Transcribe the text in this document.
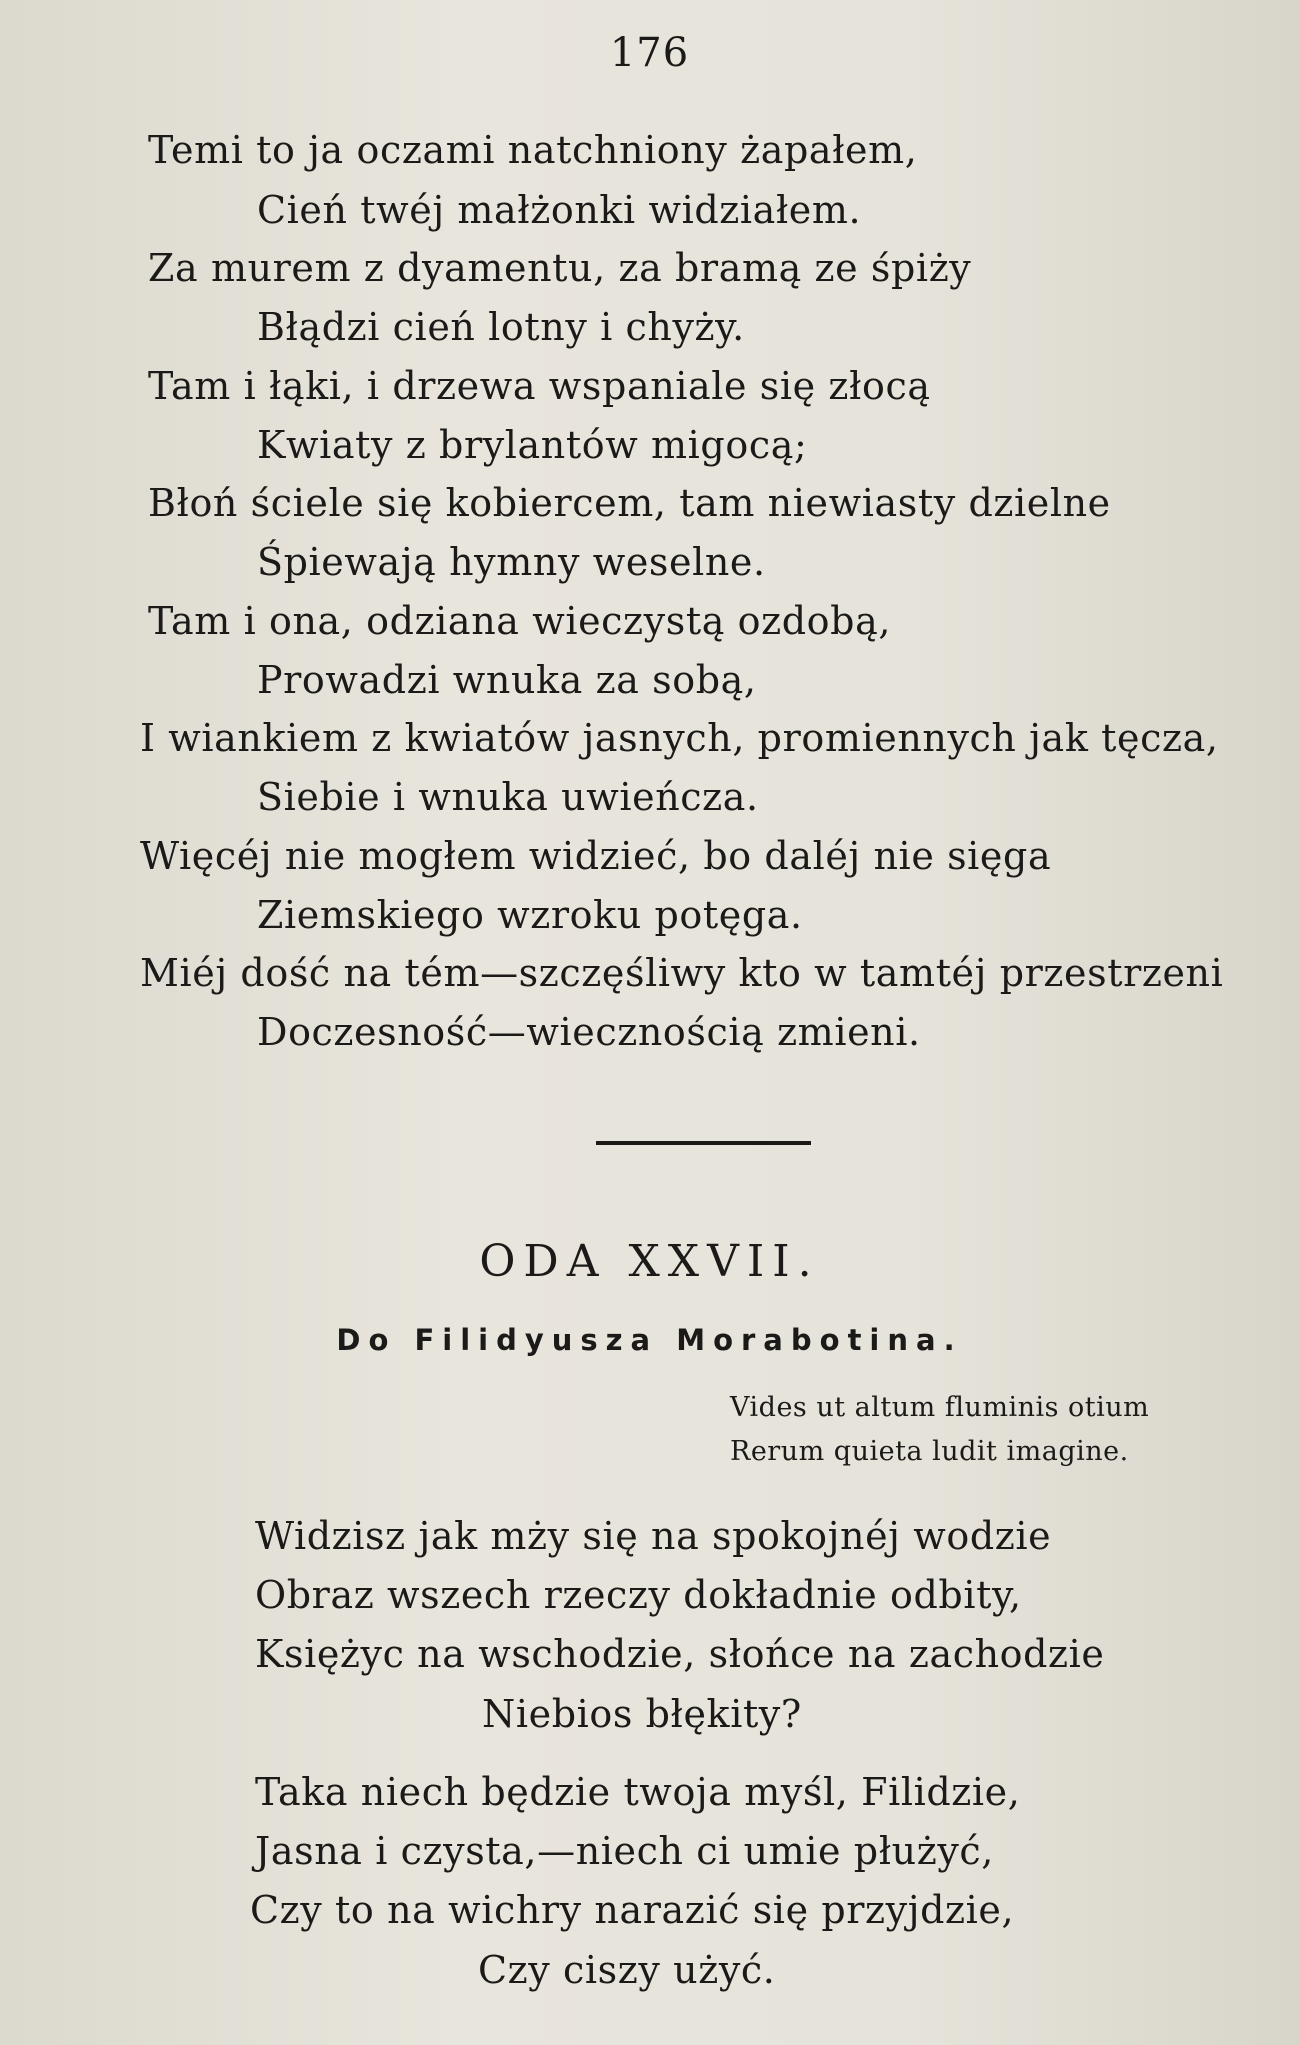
176
Temi to ja oczami natchniony żapałem,
Cień twéj małżonki widziałem.
Za murem z dyamentu, za bramą ze śpiży
Błądzi cień lotny i chyży.
Tam i łąki, i drzewa wspaniale się złocą
Kwiaty z brylantów migocą;
Błoń ściele się kobiercem, tam niewiasty dzielne
Śpiewają hymny weselne.
Tam i ona, odziana wieczystą ozdobą,
Prowadzi wnuka za sobą,
I wiankiem z kwiatów jasnych, promiennych jak tęcza,
Siebie i wnuka uwieńcza.
Więcéj nie mogłem widzieć, bo daléj nie sięga
Ziemskiego wzroku potęga.
Miéj dość na tém—szczęśliwy kto w tamtéj przestrzeni
Doczesność—wiecznością zmieni.
ODA XXVII.
Do Filidyusza Morabotina.
Vides ut altum fluminis otium
Rerum quieta ludit imagine.
Widzisz jak mży się na spokojnéj wodzie
Obraz wszech rzeczy dokładnie odbity,
Księżyc na wschodzie, słońce na zachodzie
Niebios błękity?
Taka niech będzie twoja myśl, Filidzie,
Jasna i czysta,—niech ci umie płużyć,
Czy to na wichry narazić się przyjdzie,
Czy ciszy użyć.
